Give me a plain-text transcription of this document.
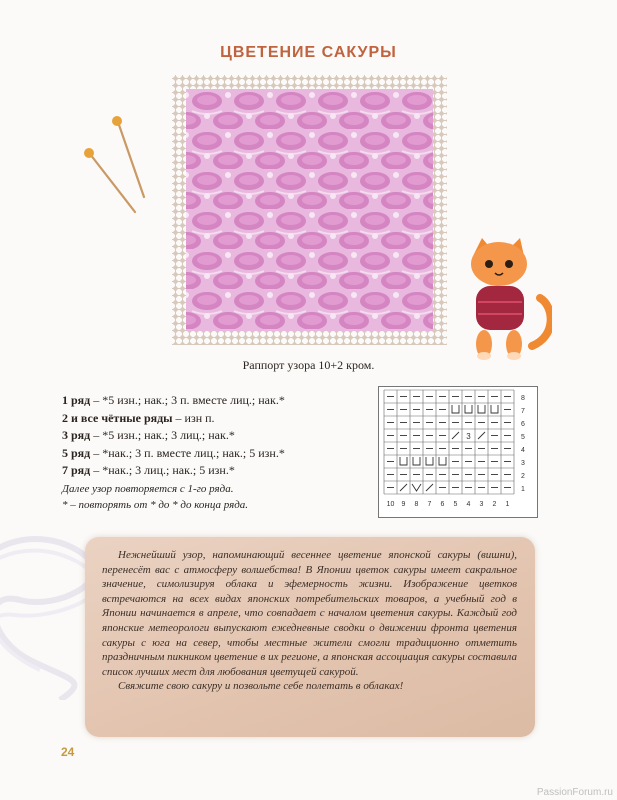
ЦВЕТЕНИЕ САКУРЫ
Раппорт узора 10+2 кром.
1 ряд – *5 изн.; нак.; 3 п. вместе лиц.; нак.*
2 и все чётные ряды – изн п.
3 ряд – *5 изн.; нак.; 3 лиц.; нак.*
5 ряд – *нак.; 3 п. вместе лиц.; нак.; 5 изн.*
7 ряд – *нак.; 3 лиц.; нак.; 5 изн.*
Далее узор повторяется с 1-го ряда.
* – повторять от * до * до конца ряда.
3
8
7
6
5
4
3
2
1
10 9 8 7 6 5 4 3 2 1

Нежнейший узор, напоминающий весеннее цветение японской сакуры (вишни), перенесёт вас с атмосферу волшебства! В Японии цветок сакуры имеет сакральное значение, симолизируя облака и эфемерность жизни. Изображение цветков встречаются на всех видах японских потребительских товаров, а учебный год в Японии начинается в апреле, что совпадает с началом цветения сакуры. Каждый год японские метеорологи выпускают ежедневные сводки о движении фронта цветения сакуры с юга на север, чтобы местные жители смогли традиционно отметить праздничным пикником цветение в их регионе, а японская ассоциация сакуры составила список лучших мест для любования цветущей сакурой.

Свяжите свою сакуру и позвольте себе полетать в облаках!

24
PassionForum.ru
